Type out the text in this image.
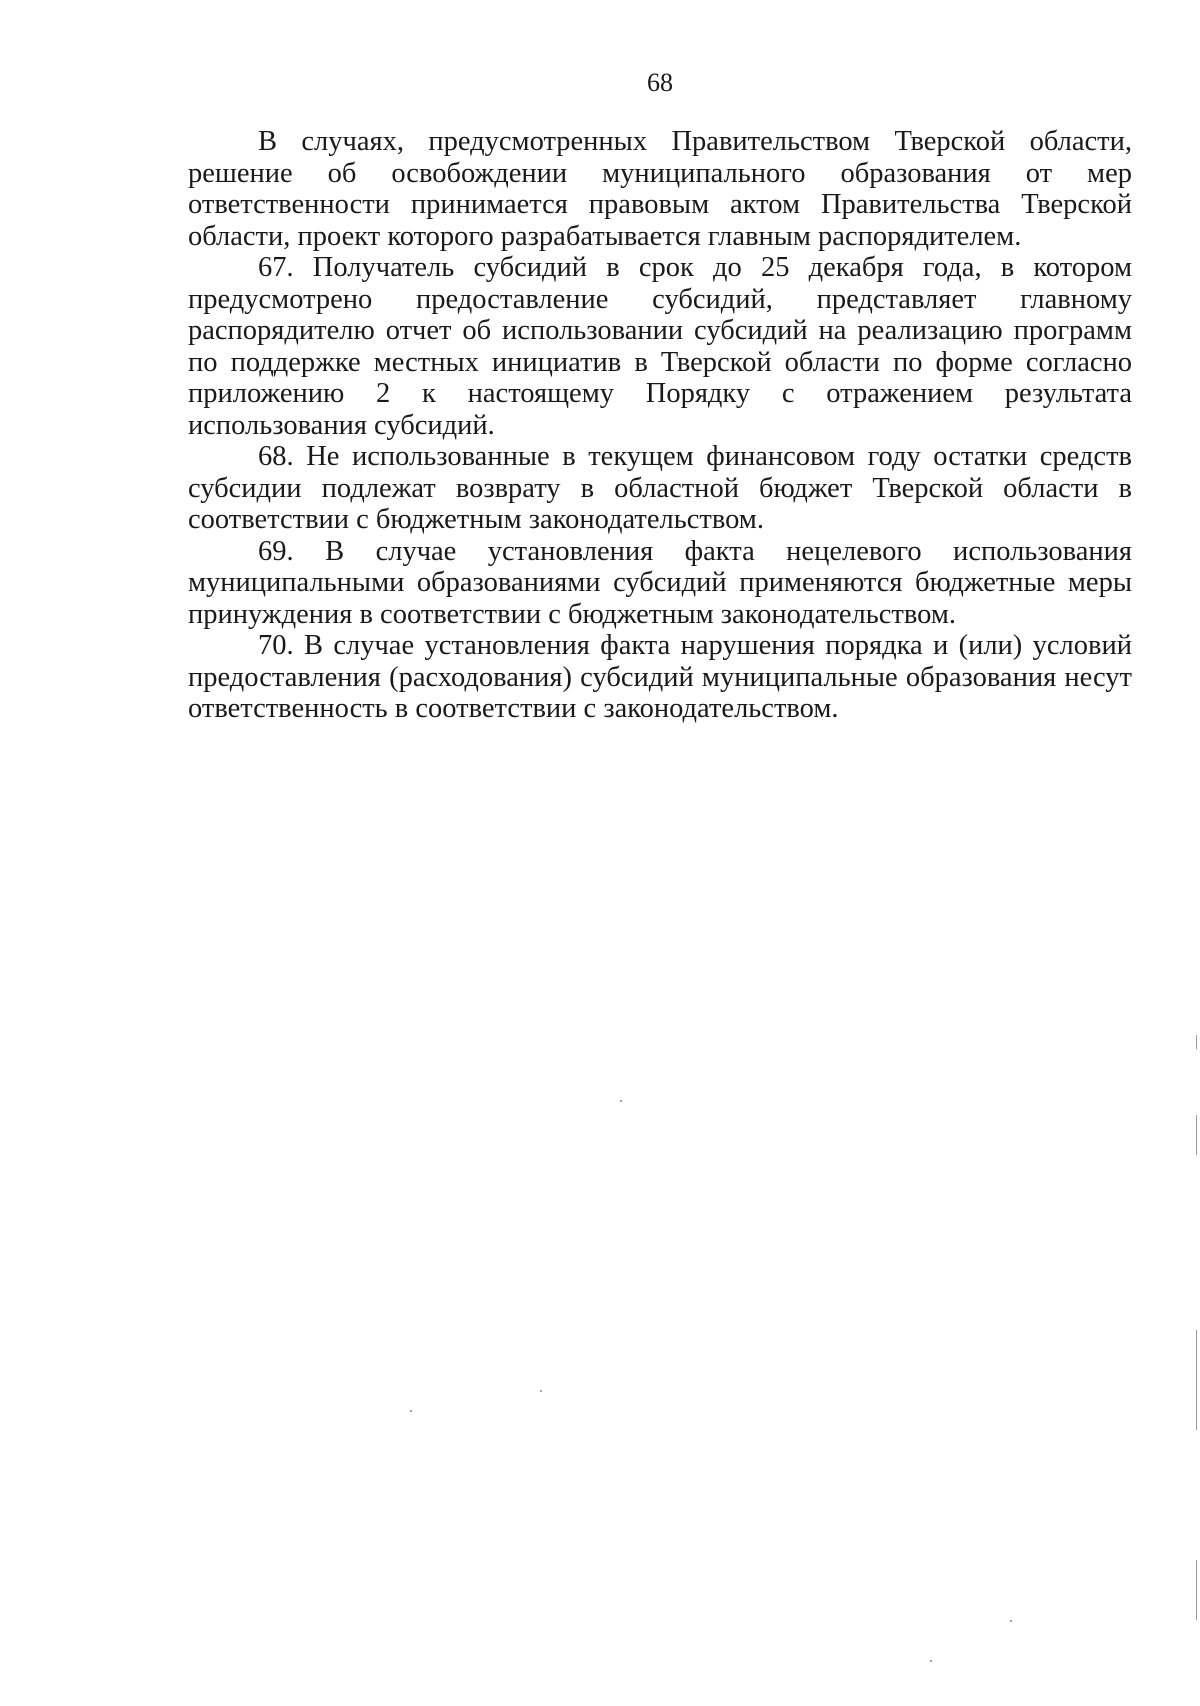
68

В случаях, предусмотренных Правительством Тверской области, решение об освобождении муниципального образования от мер ответственности принимается правовым актом Правительства Тверской области, проект которого разрабатывается главным распорядителем.

67. Получатель субсидий в срок до 25 декабря года, в котором предусмотрено предоставление субсидий, представляет главному распорядителю отчет об использовании субсидий на реализацию программ по поддержке местных инициатив в Тверской области по форме согласно приложению 2 к настоящему Порядку с отражением результата использования субсидий.

68. Не использованные в текущем финансовом году остатки средств субсидии подлежат возврату в областной бюджет Тверской области в соответствии с бюджетным законодательством.

69. В случае установления факта нецелевого использования муниципальными образованиями субсидий применяются бюджетные меры принуждения в соответствии с бюджетным законодательством.

70. В случае установления факта нарушения порядка и (или) условий предоставления (расходования) субсидий муниципальные образования несут ответственность в соответствии с законодательством.
